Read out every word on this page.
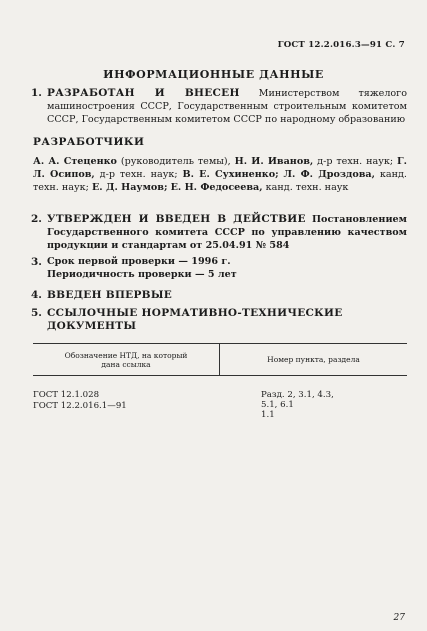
ГОСТ 12.2.016.3—91 С. 7
ИНФОРМАЦИОННЫЕ ДАННЫЕ
1. РАЗРАБОТАН И ВНЕСЕН Министерством тяжелого машиностроения СССР, Государственным строительным комитетом СССР, Государственным комитетом СССР по народному образованию
РАЗРАБОТЧИКИ
А. А. Стеценко (руководитель темы), Н. И. Иванов, д-р техн. наук; Г. Л. Осипов, д-р техн. наук; В. Е. Сухиненко; Л. Ф. Дроздова, канд. техн. наук; Е. Д. Наумов; Е. Н. Федосеева, канд. техн. наук
2. УТВЕРЖДЕН И ВВЕДЕН В ДЕЙСТВИЕ Постановлением Государственного комитета СССР по управлению качеством продукции и стандартам от 25.04.91 № 584
3. Срок первой проверки — 1996 г.
Периодичность проверки — 5 лет
4. ВВЕДЕН ВПЕРВЫЕ
5. ССЫЛОЧНЫЕ НОРМАТИВНО-ТЕХНИЧЕСКИЕ ДОКУМЕНТЫ
Обозначение НТД, на который дана ссылка	Номер пункта, раздела
ГОСТ 12.1.028	Разд. 2, 3.1, 4.3, 5.1, 6.1
ГОСТ 12.2.016.1—91
1.1
27
